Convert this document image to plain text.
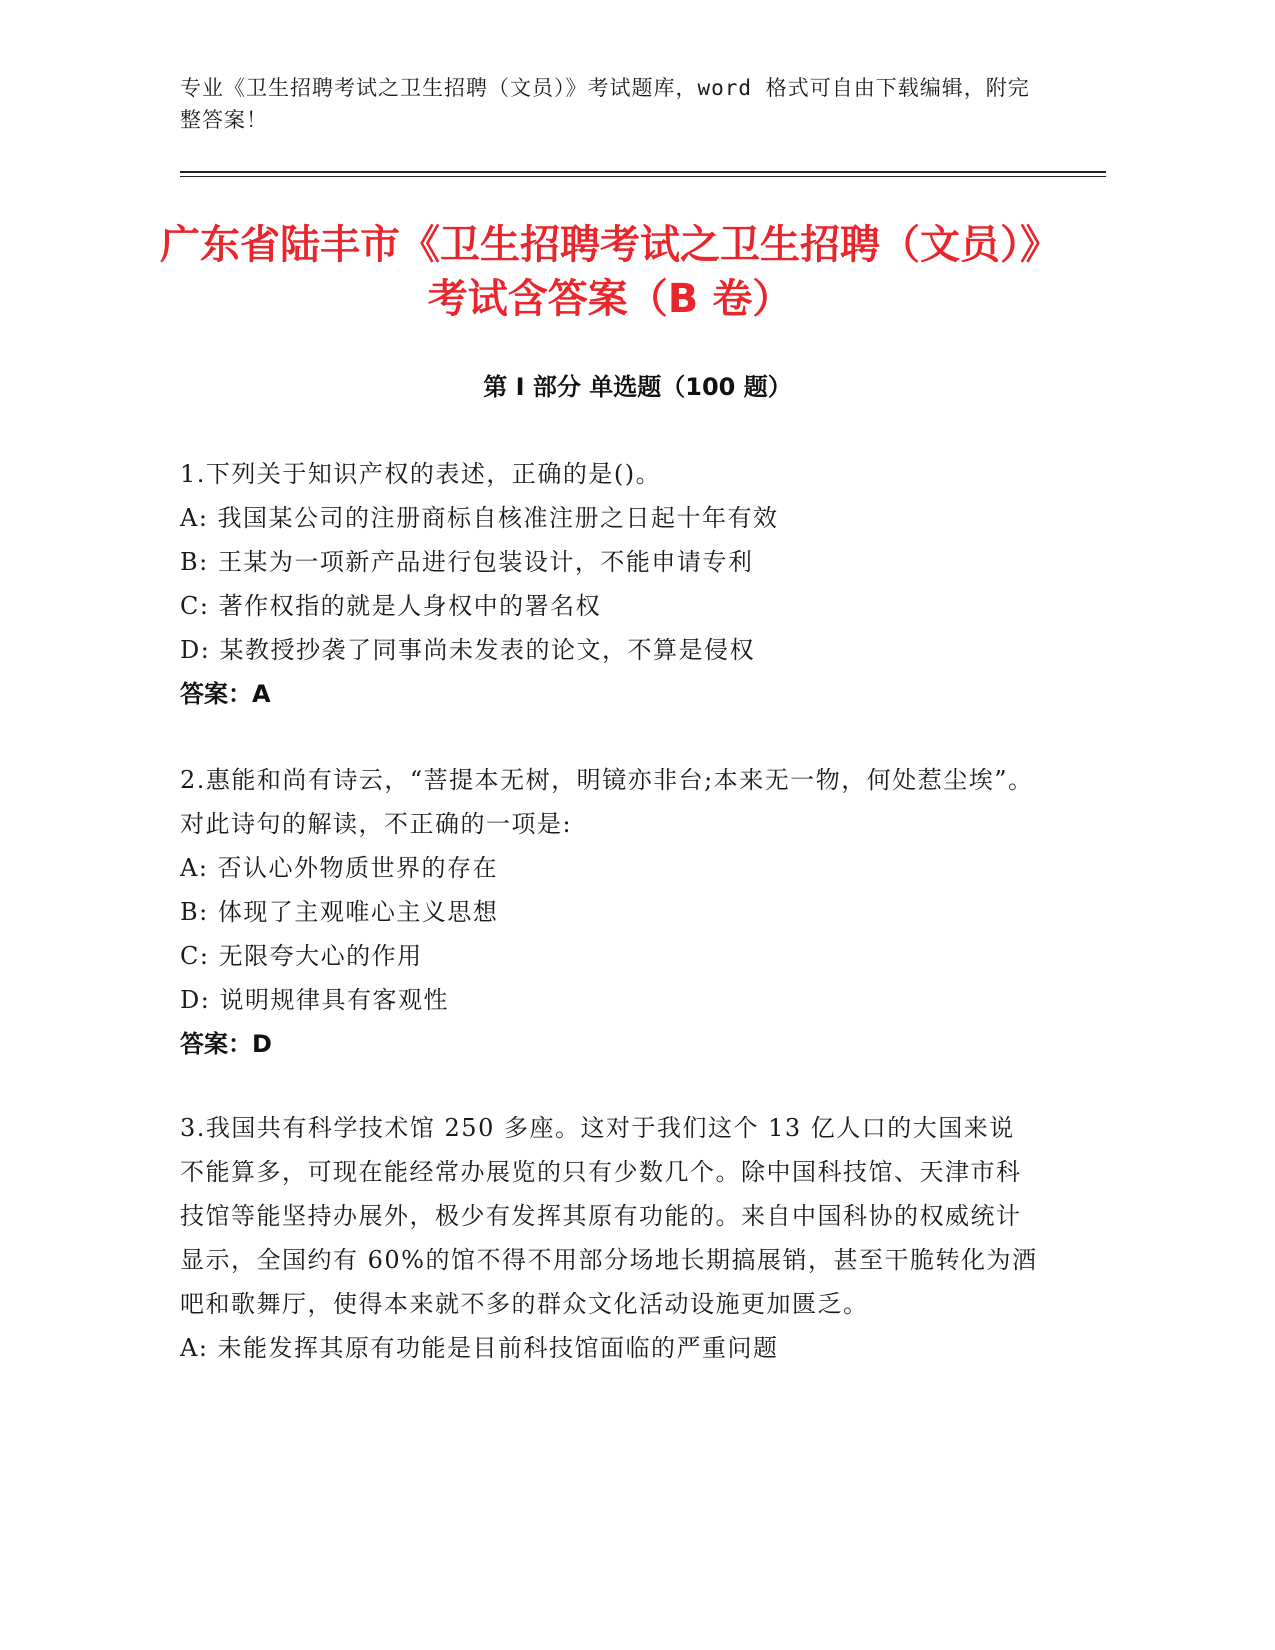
专业《卫生招聘考试之卫生招聘（文员）》考试题库，word 格式可自由下载编辑，附完整答案！
广东省陆丰市《卫生招聘考试之卫生招聘（文员）》考试含答案（B 卷）
第 I 部分 单选题（100 题）

1.下列关于知识产权的表述，正确的是()。

A: 我国某公司的注册商标自核准注册之日起十年有效

B: 王某为一项新产品进行包装设计，不能申请专利

C: 著作权指的就是人身权中的署名权

D: 某教授抄袭了同事尚未发表的论文，不算是侵权

答案：A

2.惠能和尚有诗云，“菩提本无树，明镜亦非台;本来无一物，何处惹尘埃”。对此诗句的解读，不正确的一项是:

A: 否认心外物质世界的存在

B: 体现了主观唯心主义思想

C: 无限夸大心的作用

D: 说明规律具有客观性

答案：D

3.我国共有科学技术馆 250 多座。这对于我们这个 13 亿人口的大国来说不能算多，可现在能经常办展览的只有少数几个。除中国科技馆、天津市科技馆等能坚持办展外，极少有发挥其原有功能的。来自中国科协的权威统计显示，全国约有 60%的馆不得不用部分场地长期搞展销，甚至干脆转化为酒吧和歌舞厅，使得本来就不多的群众文化活动设施更加匮乏。

A: 未能发挥其原有功能是目前科技馆面临的严重问题
